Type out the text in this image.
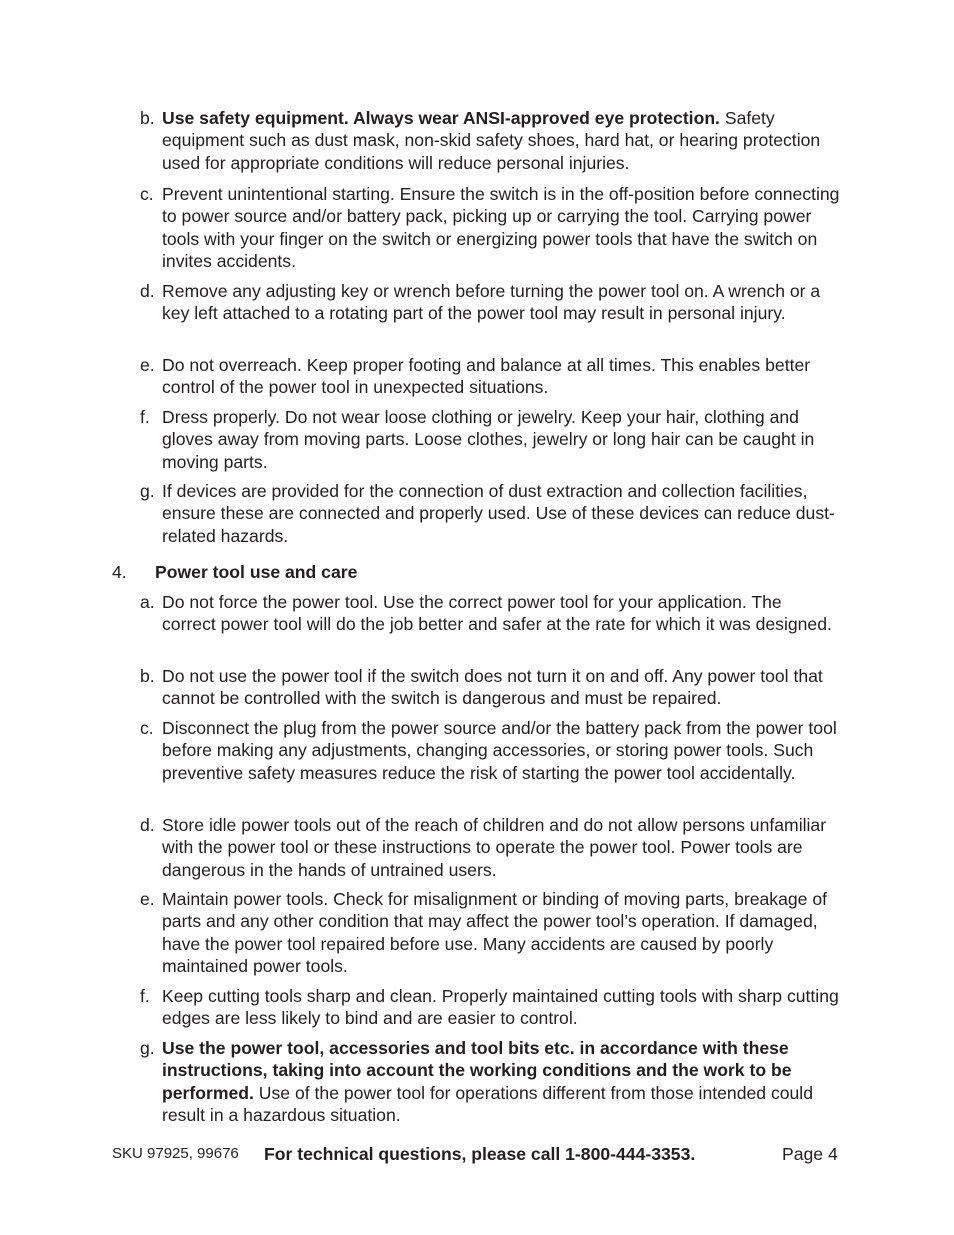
b. Use safety equipment. Always wear ANSI-approved eye protection. Safety equipment such as dust mask, non-skid safety shoes, hard hat, or hearing protection used for appropriate conditions will reduce personal injuries.
c. Prevent unintentional starting. Ensure the switch is in the off-position before connecting to power source and/or battery pack, picking up or carrying the tool. Carrying power tools with your finger on the switch or energizing power tools that have the switch on invites accidents.
d. Remove any adjusting key or wrench before turning the power tool on. A wrench or a key left attached to a rotating part of the power tool may result in personal injury.
e. Do not overreach. Keep proper footing and balance at all times. This enables better control of the power tool in unexpected situations.
f. Dress properly. Do not wear loose clothing or jewelry. Keep your hair, clothing and gloves away from moving parts. Loose clothes, jewelry or long hair can be caught in moving parts.
g. If devices are provided for the connection of dust extraction and collection facilities, ensure these are connected and properly used. Use of these devices can reduce dust-related hazards.
4. Power tool use and care
a. Do not force the power tool. Use the correct power tool for your application. The correct power tool will do the job better and safer at the rate for which it was designed.
b. Do not use the power tool if the switch does not turn it on and off. Any power tool that cannot be controlled with the switch is dangerous and must be repaired.
c. Disconnect the plug from the power source and/or the battery pack from the power tool before making any adjustments, changing accessories, or storing power tools. Such preventive safety measures reduce the risk of starting the power tool accidentally.
d. Store idle power tools out of the reach of children and do not allow persons unfamiliar with the power tool or these instructions to operate the power tool. Power tools are dangerous in the hands of untrained users.
e. Maintain power tools. Check for misalignment or binding of moving parts, breakage of parts and any other condition that may affect the power tool’s operation. If damaged, have the power tool repaired before use. Many accidents are caused by poorly maintained power tools.
f. Keep cutting tools sharp and clean. Properly maintained cutting tools with sharp cutting edges are less likely to bind and are easier to control.
g. Use the power tool, accessories and tool bits etc. in accordance with these instructions, taking into account the working conditions and the work to be performed. Use of the power tool for operations different from those intended could result in a hazardous situation.
SKU 97925, 99676 For technical questions, please call 1-800-444-3353.	Page 4
